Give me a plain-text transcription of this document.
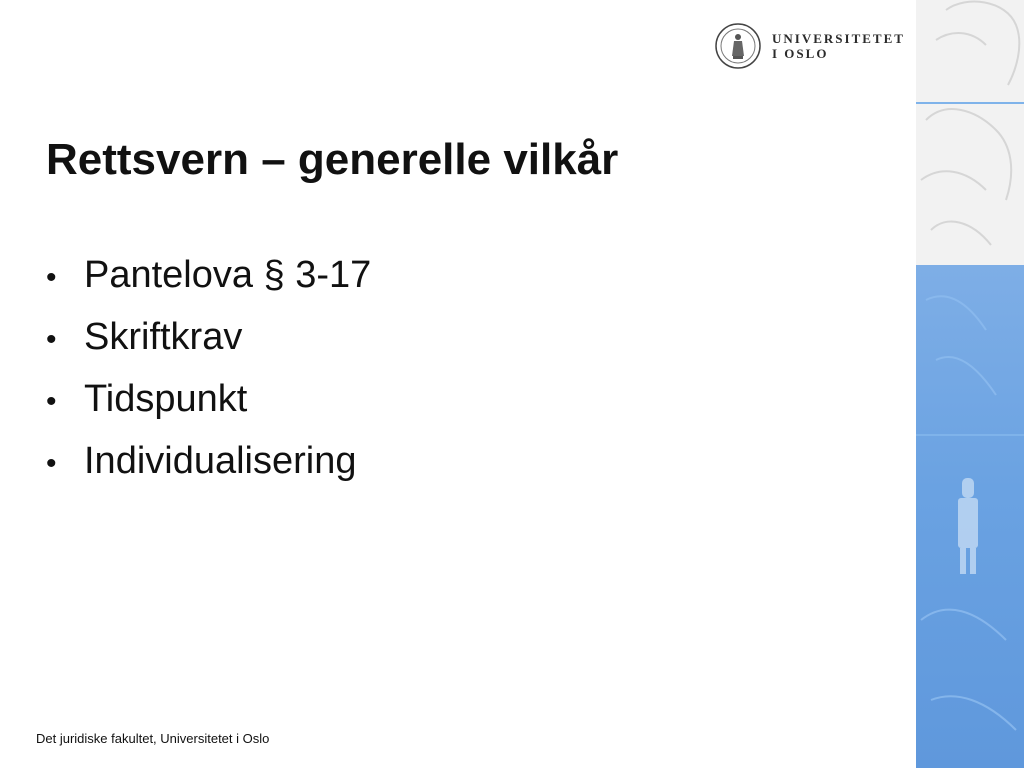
UNIVERSITETET
I OSLO
Rettsvern – generelle vilkår
• Pantelova § 3-17
• Skriftkrav
• Tidspunkt
• Individualisering
Det juridiske fakultet, Universitetet i Oslo
